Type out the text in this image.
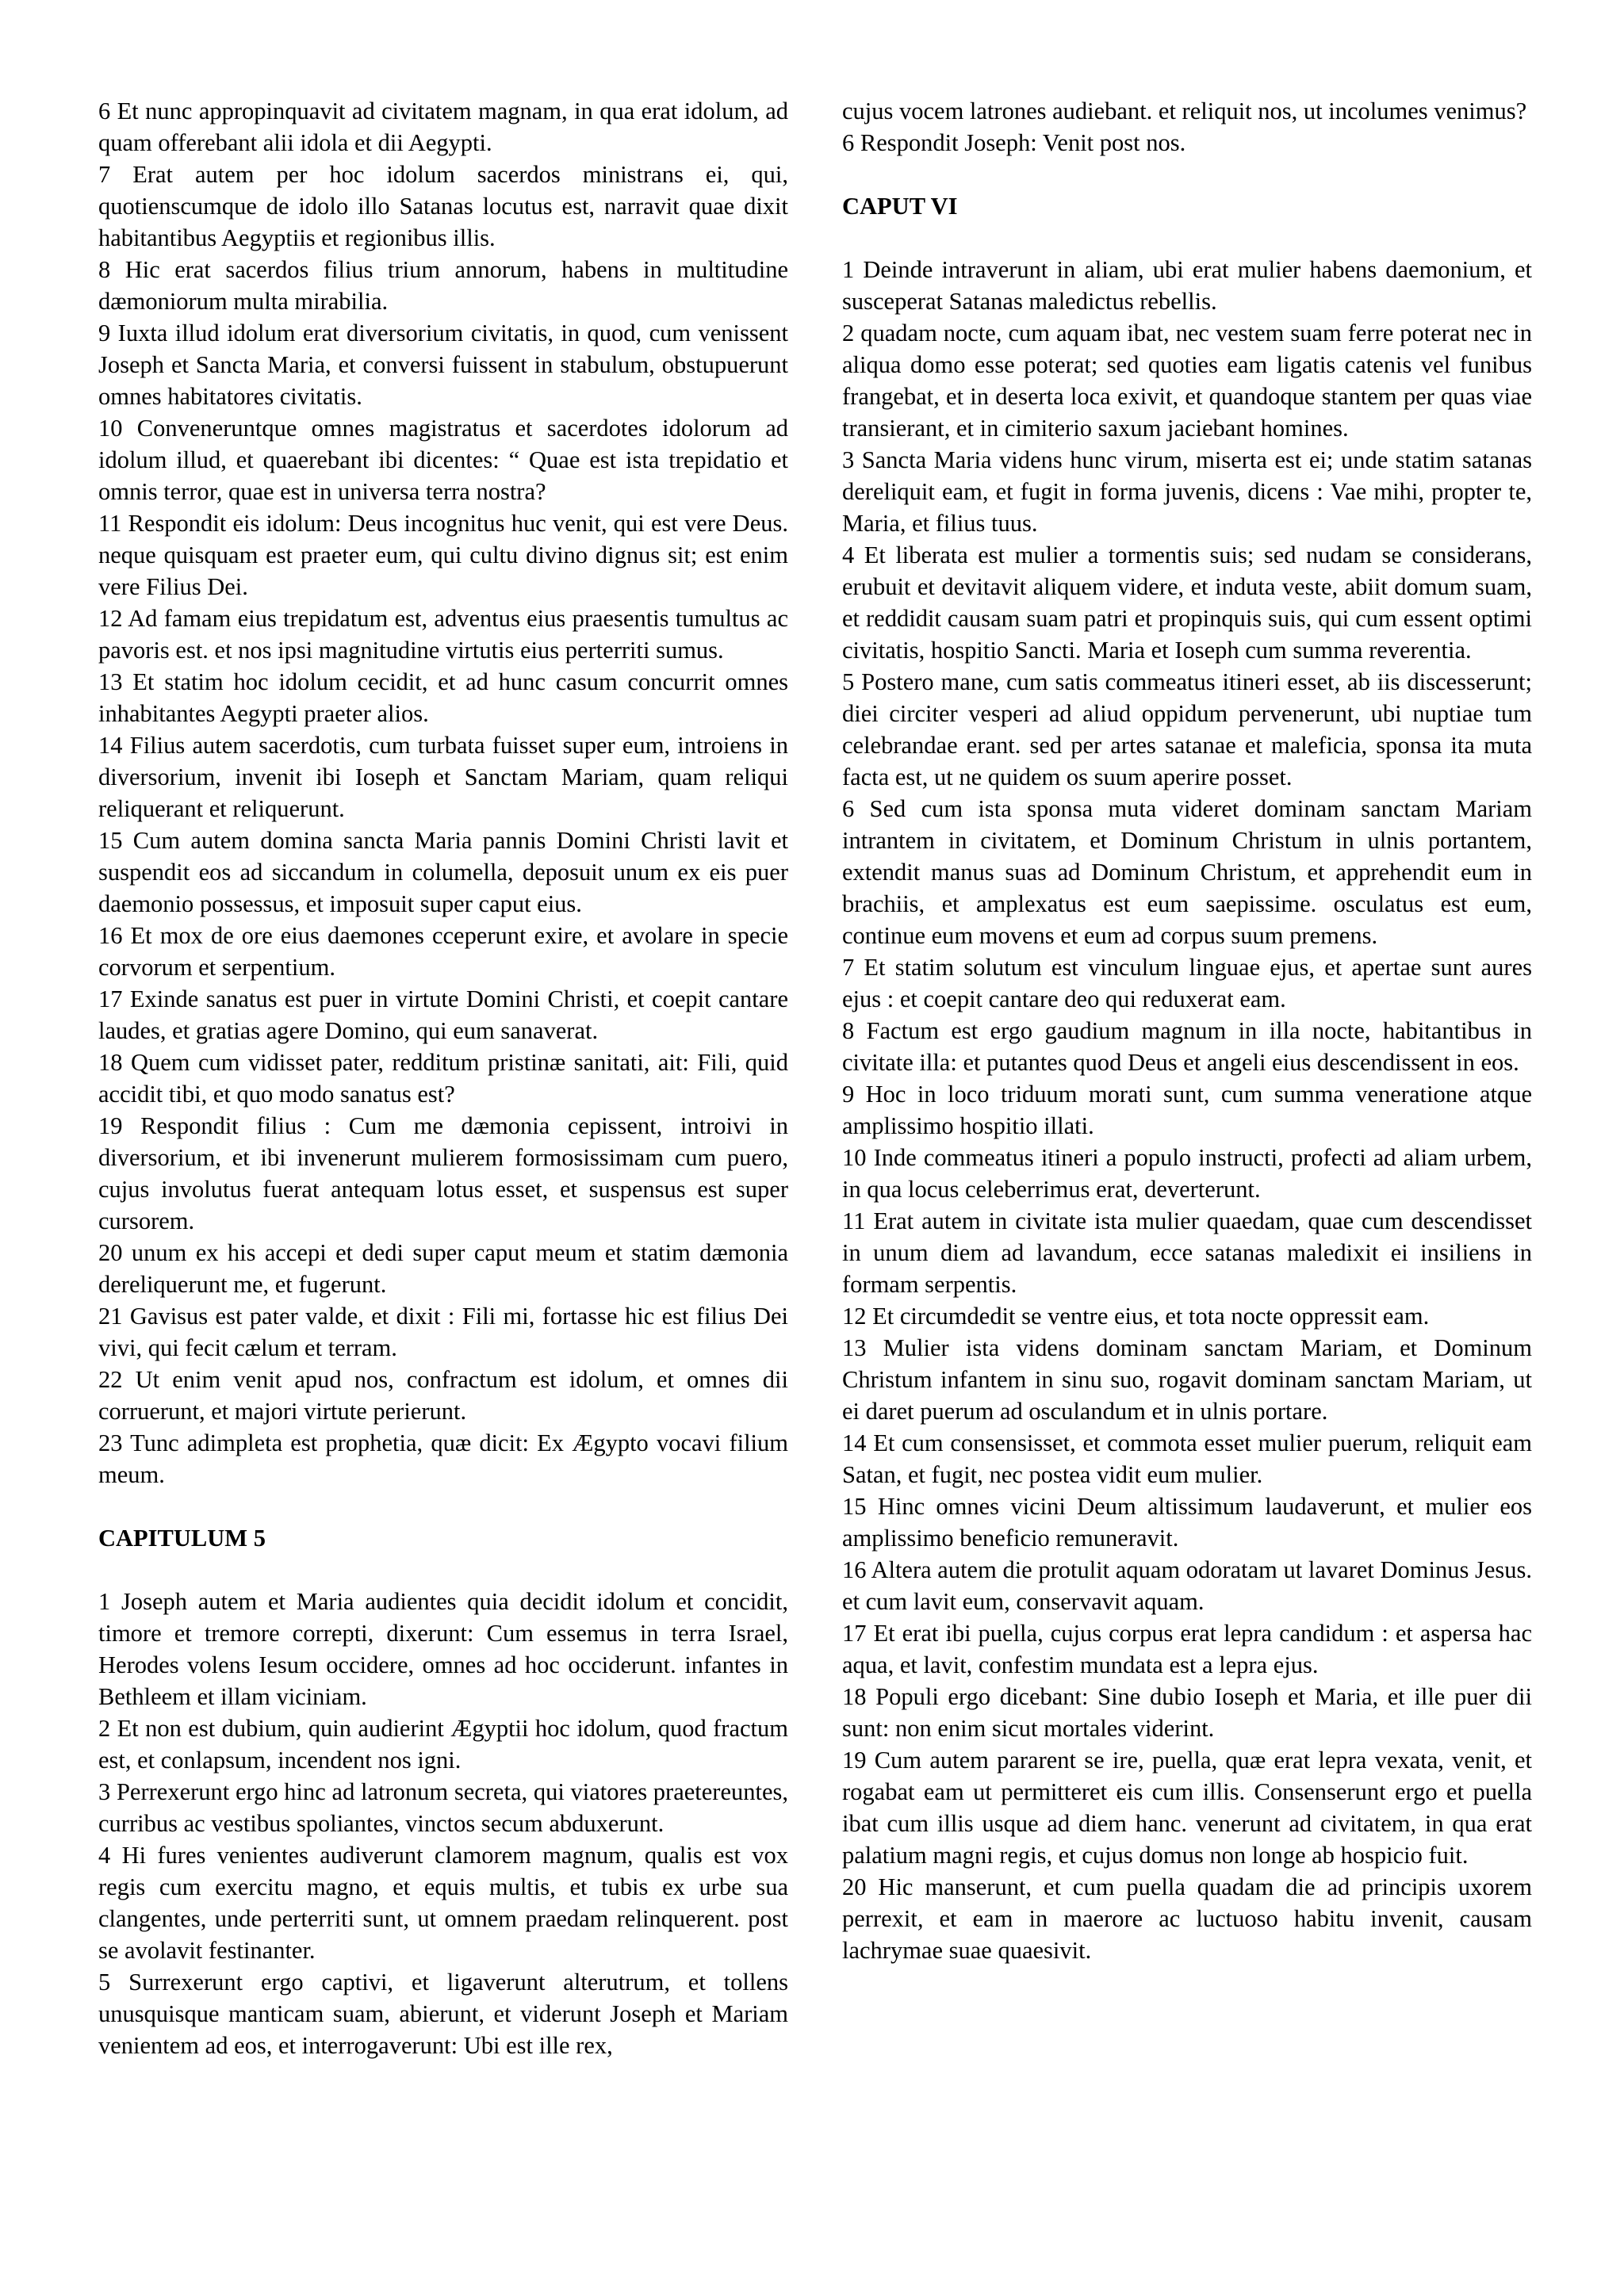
6 Et nunc appropinquavit ad civitatem magnam, in qua erat idolum, ad quam offerebant alii idola et dii Aegypti.

7 Erat autem per hoc idolum sacerdos ministrans ei, qui, quotienscumque de idolo illo Satanas locutus est, narravit quae dixit habitantibus Aegyptiis et regionibus illis.

8 Hic erat sacerdos filius trium annorum, habens in multitudine dæmoniorum multa mirabilia.

9 Iuxta illud idolum erat diversorium civitatis, in quod, cum venissent Joseph et Sancta Maria, et conversi fuissent in stabulum, obstupuerunt omnes habitatores civitatis.

10 Conveneruntque omnes magistratus et sacerdotes idolorum ad idolum illud, et quaerebant ibi dicentes: “ Quae est ista trepidatio et omnis terror, quae est in universa terra nostra?

11 Respondit eis idolum: Deus incognitus huc venit, qui est vere Deus. neque quisquam est praeter eum, qui cultu divino dignus sit; est enim vere Filius Dei.

12 Ad famam eius trepidatum est, adventus eius praesentis tumultus ac pavoris est. et nos ipsi magnitudine virtutis eius perterriti sumus.

13 Et statim hoc idolum cecidit, et ad hunc casum concurrit omnes inhabitantes Aegypti praeter alios.

14 Filius autem sacerdotis, cum turbata fuisset super eum, introiens in diversorium, invenit ibi Ioseph et Sanctam Mariam, quam reliqui reliquerant et reliquerunt.

15 Cum autem domina sancta Maria pannis Domini Christi lavit et suspendit eos ad siccandum in columella, deposuit unum ex eis puer daemonio possessus, et imposuit super caput eius.

16 Et mox de ore eius daemones cceperunt exire, et avolare in specie corvorum et serpentium.

17 Exinde sanatus est puer in virtute Domini Christi, et coepit cantare laudes, et gratias agere Domino, qui eum sanaverat.

18 Quem cum vidisset pater, redditum pristinæ sanitati, ait: Fili, quid accidit tibi, et quo modo sanatus est?

19 Respondit filius : Cum me dæmonia cepissent, introivi in diversorium, et ibi invenerunt mulierem formosissimam cum puero, cujus involutus fuerat antequam lotus esset, et suspensus est super cursorem.

20 unum ex his accepi et dedi super caput meum et statim dæmonia dereliquerunt me, et fugerunt.

21 Gavisus est pater valde, et dixit : Fili mi, fortasse hic est filius Dei vivi, qui fecit cælum et terram.

22 Ut enim venit apud nos, confractum est idolum, et omnes dii corruerunt, et majori virtute perierunt.

23 Tunc adimpleta est prophetia, quæ dicit: Ex Ægypto vocavi filium meum.

CAPITULUM 5

1 Joseph autem et Maria audientes quia decidit idolum et concidit, timore et tremore correpti, dixerunt: Cum essemus in terra Israel, Herodes volens Iesum occidere, omnes ad hoc occiderunt. infantes in Bethleem et illam viciniam.

2 Et non est dubium, quin audierint Ægyptii hoc idolum, quod fractum est, et conlapsum, incendent nos igni.

3 Perrexerunt ergo hinc ad latronum secreta, qui viatores praetereuntes, curribus ac vestibus spoliantes, vinctos secum abduxerunt.

4 Hi fures venientes audiverunt clamorem magnum, qualis est vox regis cum exercitu magno, et equis multis, et tubis ex urbe sua clangentes, unde perterriti sunt, ut omnem praedam relinquerent. post se avolavit festinanter.

5 Surrexerunt ergo captivi, et ligaverunt alterutrum, et tollens unusquisque manticam suam, abierunt, et viderunt Joseph et Mariam venientem ad eos, et interrogaverunt: Ubi est ille rex,

cujus vocem latrones audiebant. et reliquit nos, ut incolumes venimus?

6 Respondit Joseph: Venit post nos.

CAPUT VI

1 Deinde intraverunt in aliam, ubi erat mulier habens daemonium, et susceperat Satanas maledictus rebellis.

2 quadam nocte, cum aquam ibat, nec vestem suam ferre poterat nec in aliqua domo esse poterat; sed quoties eam ligatis catenis vel funibus frangebat, et in deserta loca exivit, et quandoque stantem per quas viae transierant, et in cimiterio saxum jaciebant homines.

3 Sancta Maria videns hunc virum, miserta est ei; unde statim satanas dereliquit eam, et fugit in forma juvenis, dicens : Vae mihi, propter te, Maria, et filius tuus.

4 Et liberata est mulier a tormentis suis; sed nudam se considerans, erubuit et devitavit aliquem videre, et induta veste, abiit domum suam, et reddidit causam suam patri et propinquis suis, qui cum essent optimi civitatis, hospitio Sancti. Maria et Ioseph cum summa reverentia.

5 Postero mane, cum satis commeatus itineri esset, ab iis discesserunt; diei circiter vesperi ad aliud oppidum pervenerunt, ubi nuptiae tum celebrandae erant. sed per artes satanae et maleficia, sponsa ita muta facta est, ut ne quidem os suum aperire posset.

6 Sed cum ista sponsa muta videret dominam sanctam Mariam intrantem in civitatem, et Dominum Christum in ulnis portantem, extendit manus suas ad Dominum Christum, et apprehendit eum in brachiis, et amplexatus est eum saepissime. osculatus est eum, continue eum movens et eum ad corpus suum premens.

7 Et statim solutum est vinculum linguae ejus, et apertae sunt aures ejus : et coepit cantare deo qui reduxerat eam.

8 Factum est ergo gaudium magnum in illa nocte, habitantibus in civitate illa: et putantes quod Deus et angeli eius descendissent in eos.

9 Hoc in loco triduum morati sunt, cum summa veneratione atque amplissimo hospitio illati.

10 Inde commeatus itineri a populo instructi, profecti ad aliam urbem, in qua locus celeberrimus erat, deverterunt.

11 Erat autem in civitate ista mulier quaedam, quae cum descendisset in unum diem ad lavandum, ecce satanas maledixit ei insiliens in formam serpentis.

12 Et circumdedit se ventre eius, et tota nocte oppressit eam.

13 Mulier ista videns dominam sanctam Mariam, et Dominum Christum infantem in sinu suo, rogavit dominam sanctam Mariam, ut ei daret puerum ad osculandum et in ulnis portare.

14 Et cum consensisset, et commota esset mulier puerum, reliquit eam Satan, et fugit, nec postea vidit eum mulier.

15 Hinc omnes vicini Deum altissimum laudaverunt, et mulier eos amplissimo beneficio remuneravit.

16 Altera autem die protulit aquam odoratam ut lavaret Dominus Jesus. et cum lavit eum, conservavit aquam.

17 Et erat ibi puella, cujus corpus erat lepra candidum : et aspersa hac aqua, et lavit, confestim mundata est a lepra ejus.

18 Populi ergo dicebant: Sine dubio Ioseph et Maria, et ille puer dii sunt: non enim sicut mortales viderint.

19 Cum autem pararent se ire, puella, quæ erat lepra vexata, venit, et rogabat eam ut permitteret eis cum illis. Consenserunt ergo et puella ibat cum illis usque ad diem hanc. venerunt ad civitatem, in qua erat palatium magni regis, et cujus domus non longe ab hospicio fuit.

20 Hic manserunt, et cum puella quadam die ad principis uxorem perrexit, et eam in maerore ac luctuoso habitu invenit, causam lachrymae suae quaesivit.
